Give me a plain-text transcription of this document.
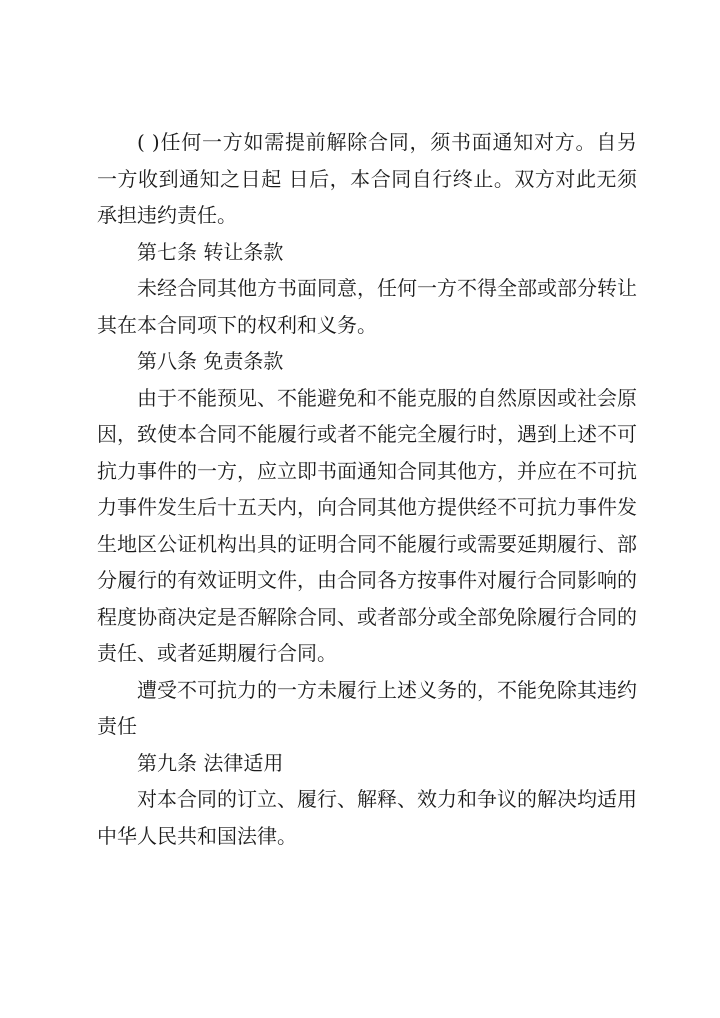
( )任何一方如需提前解除合同，须书面通知对方。自另一方收到通知之日起 日后，本合同自行终止。双方对此无须承担违约责任。

第七条 转让条款

未经合同其他方书面同意，任何一方不得全部或部分转让其在本合同项下的权利和义务。

第八条 免责条款

由于不能预见、不能避免和不能克服的自然原因或社会原因，致使本合同不能履行或者不能完全履行时，遇到上述不可抗力事件的一方，应立即书面通知合同其他方，并应在不可抗力事件发生后十五天内，向合同其他方提供经不可抗力事件发生地区公证机构出具的证明合同不能履行或需要延期履行、部分履行的有效证明文件，由合同各方按事件对履行合同影响的程度协商决定是否解除合同、或者部分或全部免除履行合同的责任、或者延期履行合同。

遭受不可抗力的一方未履行上述义务的，不能免除其违约责任

第九条 法律适用

对本合同的订立、履行、解释、效力和争议的解决均适用中华人民共和国法律。
